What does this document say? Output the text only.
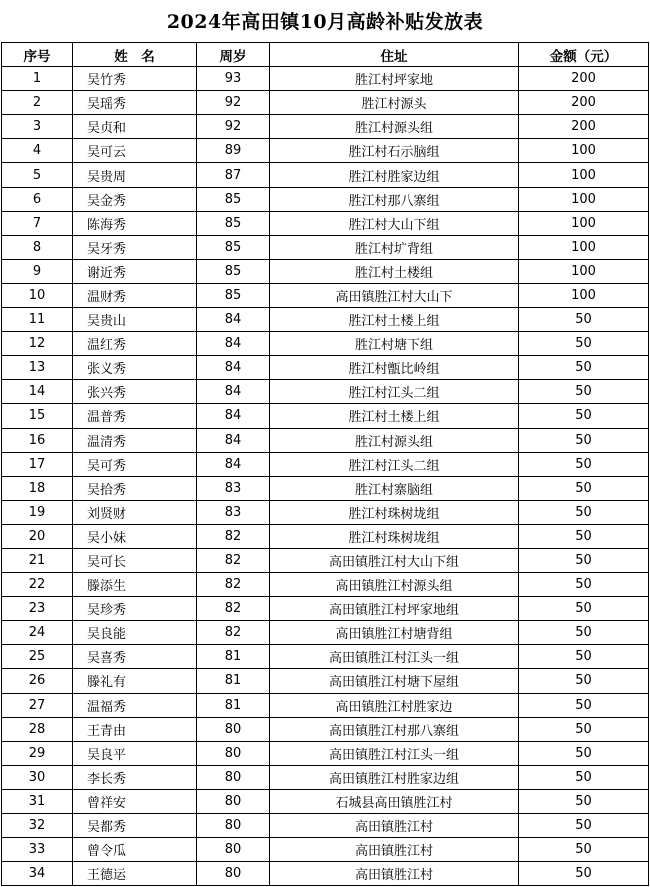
2024年高田镇10月高龄补贴发放表
序号	姓　名	周岁	住址	金额（元）
1	吴竹秀	93	胜江村坪家地	200
2	吴瑶秀	92	胜江村源头	200
3	吴贞和	92	胜江村源头组	200
4	吴可云	89	胜江村石示脑组	100
5	吴贵周	87	胜江村胜家边组	100
6	吴金秀	85	胜江村那八寨组	100
7	陈海秀	85	胜江村大山下组	100
8	吴牙秀	85	胜江村圹背组	100
9	谢近秀	85	胜江村土楼组	100
10	温财秀	85	高田镇胜江村大山下	100
11	吴贵山	84	胜江村土楼上组	50
12	温红秀	84	胜江村塘下组	50
13	张义秀	84	胜江村甑比岭组	50
14	张兴秀	84	胜江村江头二组	50
15	温普秀	84	胜江村土楼上组	50
16	温清秀	84	胜江村源头组	50
17	吴可秀	84	胜江村江头二组	50
18	吴拾秀	83	胜江村寨脑组	50
19	刘贤财	83	胜江村珠树垅组	50
20	吴小妹	82	胜江村珠树垅组	50
21	吴可长	82	高田镇胜江村大山下组	50
22	滕添生	82	高田镇胜江村源头组	50
23	吴珍秀	82	高田镇胜江村坪家地组	50
24	吴良能	82	高田镇胜江村塘背组	50
25	吴喜秀	81	高田镇胜江村江头一组	50
26	滕礼有	81	高田镇胜江村塘下屋组	50
27	温福秀	81	高田镇胜江村胜家边	50
28	王青由	80	高田镇胜江村那八寨组	50
29	吴良平	80	高田镇胜江村江头一组	50
30	李长秀	80	高田镇胜江村胜家边组	50
31	曾祥安	80	石城县高田镇胜江村	50
32	吴都秀	80	高田镇胜江村	50
33	曾令瓜	80	高田镇胜江村	50
34	王德运	80	高田镇胜江村	50
